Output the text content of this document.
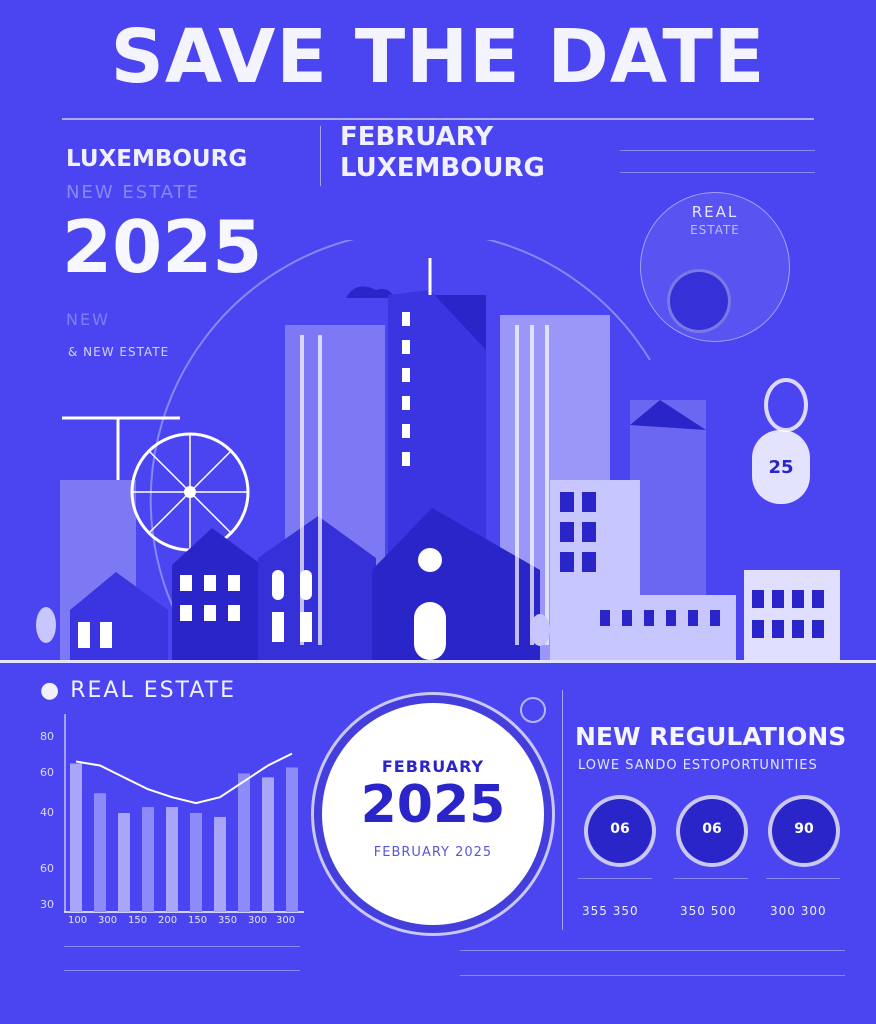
SAVE THE DATE
LUXEMBOURG
NEW ESTATE
2025
NEW
& NEW ESTATE
FEBRUARY
LUXEMBOURG
REAL
ESTATE
25
● REAL ESTATE
80
60
40
60
30
100 300 150 200 150 350 300 300
FEBRUARY
2025
FEBRUARY 2025
NEW REGULATIONS
LOWE SANDO ESTOPORTUNITIES
06	06	90
355 350	350 500	300 300
